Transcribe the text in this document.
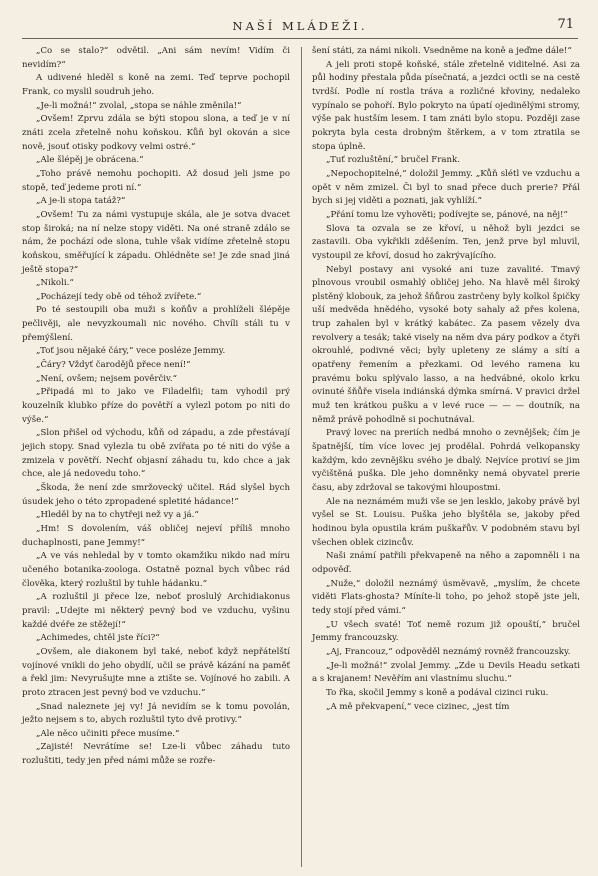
NAŠÍ MLÁDEŽI.	71

„Co se stalo?“ odvětil. „Ani sám nevím! Vidím či nevidím?“

A udivené hleděl s koně na zemi. Teď teprve pochopil Frank, co myslil soudruh jeho.

„Je-li možná!“ zvolal, „stopa se náhle změnila!“

„Ovšem! Zprvu zdála se býti stopou slona, a teď je v ní znáti zcela zřetelně nohu koňskou. Kůň byl okován a sice nově, jsouť otisky podkovy velmi ostré.“

„Ale šlépěj je obrácena.“

„Toho právě nemohu pochopiti. Až dosud jeli jsme po stopě, teď jedeme proti ní.“

„A je-li stopa tatáž?“

„Ovšem! Tu za námi vystupuje skála, ale je sotva dvacet stop široká; na ní nelze stopy viděti. Na oné straně zdálo se nám, že pochází ode slona, tuhle však vidíme zřetelně stopu koňskou, směřující k západu. Ohlédněte se! Je zde snad jiná ještě stopa?“

„Nikoli.“

„Pocházejí tedy obě od téhož zvířete.“

Po té sestoupili oba muži s koňův a prohlíželi šlépěje pečlivěji, ale nevyzkoumali nic nového. Chvíli stáli tu v přemýšlení.

„Toť jsou nějaké čáry,“ vece posléze Jemmy.

„Čáry? Vždyť čarodějů přece není!“

„Není, ovšem; nejsem pověrčiv.“

„Připadá mi to jako ve Filadelfii; tam vyhodil prý kouzelník klubko příze do povětří a vylezl potom po niti do výše.“

„Slon přišel od východu, kůň od západu, a zde přestávají jejich stopy. Snad vylezla tu obě zvířata po té niti do výše a zmizela v povětří. Nechť objasní záhadu tu, kdo chce a jak chce, ale já nedovedu toho.“

„Škoda, že není zde smržovecký učitel. Rád slyšel bych úsudek jeho o této zpropadené spletité hádance!“

„Hleděl by na to chytřeji než vy a já.“

„Hm! S dovolením, váš obličej nejeví příliš mnoho duchaplnosti, pane Jemmy!“

„A ve vás nehledal by v tomto okamžiku nikdo nad míru učeného botanika-zoologa. Ostatně poznal bych vůbec rád člověka, který rozluštil by tuhle hádanku.“

„A rozluštil ji přece lze, neboť proslulý Archidiakonus pravil: „Udejte mi některý pevný bod ve vzduchu, vyšinu každé dvéře ze stěžejí!“

„Achimedes, chtěl jste říci?“

„Ovšem, ale diakonem byl také, neboť když nepřátelští vojínové vnikli do jeho obydlí, učil se právě kázání na paměť a řekl jim: Nevyrušujte mne a ztište se. Vojínové ho zabili. A proto ztracen jest pevný bod ve vzduchu.“

„Snad naleznete jej vy! Já nevidím se k tomu povolán, ježto nejsem s to, abych rozluštil tyto dvě protivy.“

„Ale něco učiniti přece musíme.“

„Zajisté! Nevrátíme se! Lze-li vůbec záhadu tuto rozluštiti, tedy jen před námi může se rozře-

šení státi, za námi nikoli. Vsedněme na koně a jeďme dále!“

A jeli proti stopě koňské, stále zřetelně viditelné. Asi za půl hodiny přestala půda písečnatá, a jezdci octli se na cestě tvrdší. Podle ní rostla tráva a rozličné křoviny, nedaleko vypínalo se pohoří. Bylo pokryto na úpatí ojedinělými stromy, výše pak hustším lesem. I tam znáti bylo stopu. Později zase pokryta byla cesta drobným štěrkem, a v tom ztratila se stopa úplně.

„Tuť rozluštění,“ bručel Frank.

„Nepochopitelné,“ doložil Jemmy. „Kůň slétl ve vzduchu a opět v něm zmizel. Či byl to snad přece duch prerie? Přál bych si jej viděti a poznati, jak vyhlíží.“

„Přání tomu lze vyhověti; podívejte se, pánové, na něj!“

Slova ta ozvala se ze křoví, u něhož byli jezdci se zastavili. Oba vykřikli zděšením. Ten, jenž prve byl mluvil, vystoupil ze křoví, dosud ho zakrývajícího.

Nebyl postavy ani vysoké ani tuze zavalité. Tmavý plnovous vroubil osmahlý obličej jeho. Na hlavě měl široký plstěný klobouk, za jehož šňůrou zastrčeny byly kolkol špičky uší medvěda hnědého, vysoké boty sahaly až přes kolena, trup zahalen byl v krátký kabátec. Za pasem vězely dva revolvery a tesák; také visely na něm dva páry podkov a čtyři okrouhlé, podivné věci; byly upleteny ze slámy a sítí a opatřeny řemením a přezkami. Od levého ramena ku pravému boku splývalo lasso, a na hedvábné, okolo krku ovinuté šňůře visela indiánská dýmka smírná. V pravici držel muž ten krátkou pušku a v levé ruce — — — doutník, na němž právě pohodlně si pochutnával.

Pravý lovec na preriích nedbá mnoho o zevnějšek; čím je špatnější, tím více lovec jej prodělal. Pohrdá velkopansky každým, kdo zevnějšku svého je dbalý. Nejvíce protiví se jim vyčištěná puška. Dle jeho domněnky nemá obyvatel prerie času, aby zdržoval se takovými hloupostmi.

Ale na neznámém muži vše se jen lesklo, jakoby právě byl vyšel se St. Louisu. Puška jeho blyštěla se, jakoby před hodinou byla opustila krám puškařův. V podobném stavu byl všechen oblek cizincův.

Naši známí patřili překvapeně na něho a zapomněli i na odpověď.

„Nuže,“ doložil neznámý úsměvavě, „myslím, že chcete viděti Flats-ghosta? Míníte-li toho, po jehož stopě jste jeli, tedy stojí před vámi.“

„U všech svaté! Toť nemě rozum již opouští,“ bručel Jemmy francouzsky.

„Aj, Francouz,“ odpověděl neznámý rovněž francouzsky.

„Je-li možná!“ zvolal Jemmy. „Zde u Devils Headu setkati a s krajanem! Nevěřím ani vlastnímu sluchu.“

To řka, skočil Jemmy s koně a podával cizinci ruku.

„A mě překvapení,“ vece cizinec, „jest tím
